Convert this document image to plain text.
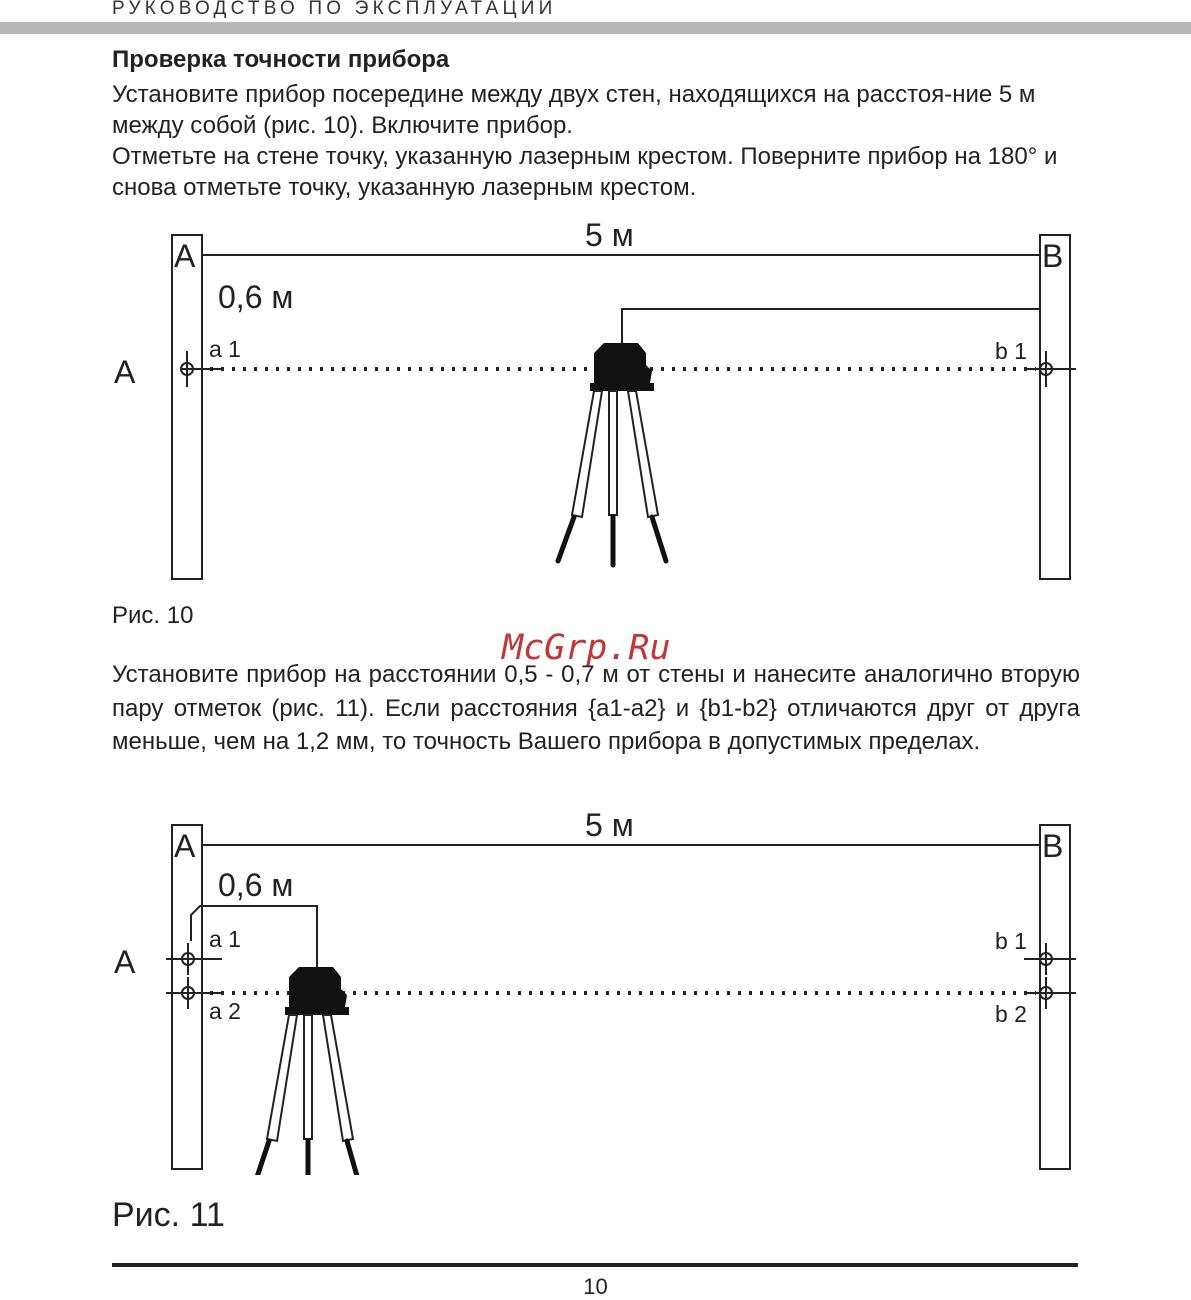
РУКОВОДСТВО ПО ЭКСПЛУАТАЦИИ
Проверка точности прибора
Установите прибор посередине между двух стен, находящихся на расстоя-ние 5 м между собой (рис. 10). Включите прибор.
Отметьте на стене точку, указанную лазерным крестом. Поверните прибор на 180° и снова отметьте точку, указанную лазерным крестом.
5 м
0,6 м
A	B
A
a 1	b 1
Рис. 10
McGrp.Ru
Установите прибор на расстоянии 0,5 - 0,7 м от стены и нанесите аналогично вторую пару отметок (рис. 11). Если расстояния {a1-a2} и {b1-b2} отличаются друг от друга меньше, чем на 1,2 мм, то точность Вашего прибора в допустимых пределах.
5 м
0,6 м
A	B
A
a 1
a 2
b 1
b 2
Рис. 11
10
